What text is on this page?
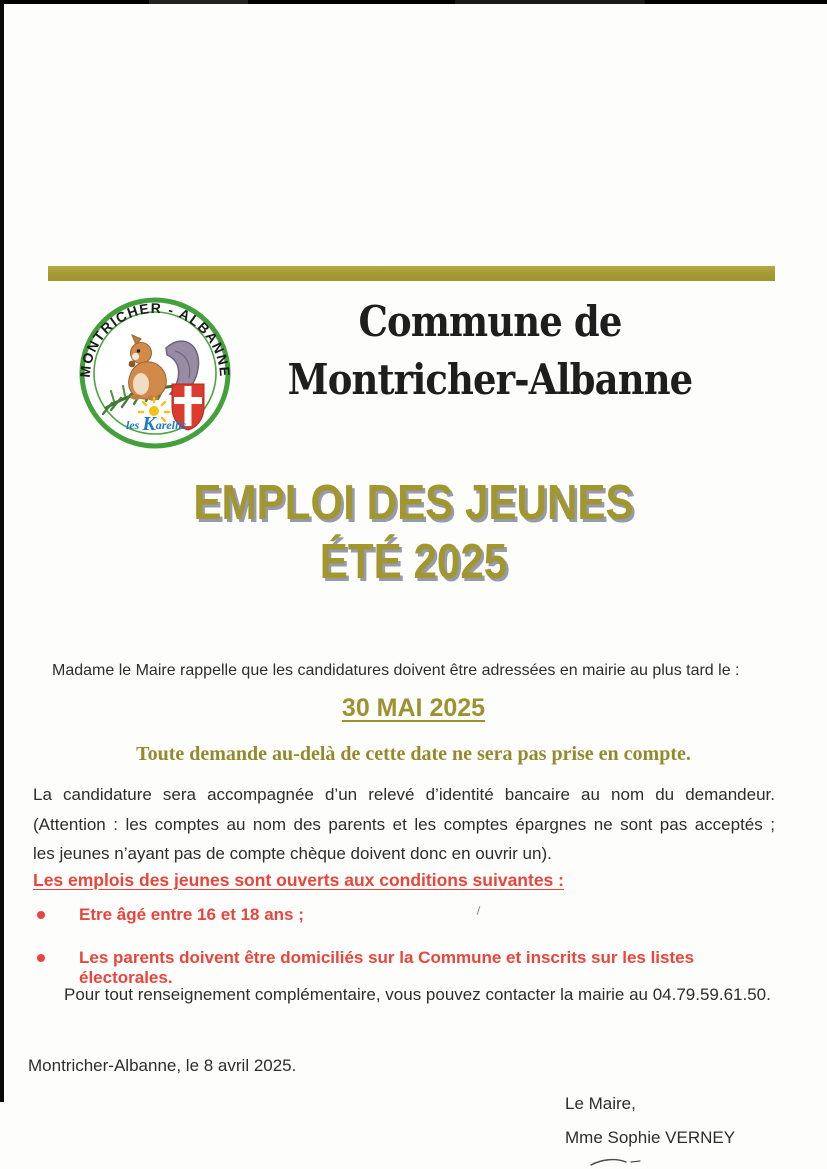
MONTRICHER - ALBANNE
les Karellis
Commune de
Montricher-Albanne
EMPLOI DES JEUNES
ÉTÉ 2025
Madame le Maire rappelle que les candidatures doivent être adressées en mairie au plus tard le :
30 MAI 2025
Toute demande au-delà de cette date ne sera pas prise en compte.
La candidature sera accompagnée d’un relevé d’identité bancaire au nom du demandeur.
(Attention : les comptes au nom des parents et les comptes épargnes ne sont pas acceptés ;
les jeunes n’ayant pas de compte chèque doivent donc en ouvrir un).
Les emplois des jeunes sont ouverts aux conditions suivantes :
Etre âgé entre 16 et 18 ans ;
Les parents doivent être domiciliés sur la Commune et inscrits sur les listes électorales.
Pour tout renseignement complémentaire, vous pouvez contacter la mairie au 04.79.59.61.50.
Montricher-Albanne, le 8 avril 2025.
Le Maire,
Mme Sophie VERNEY
